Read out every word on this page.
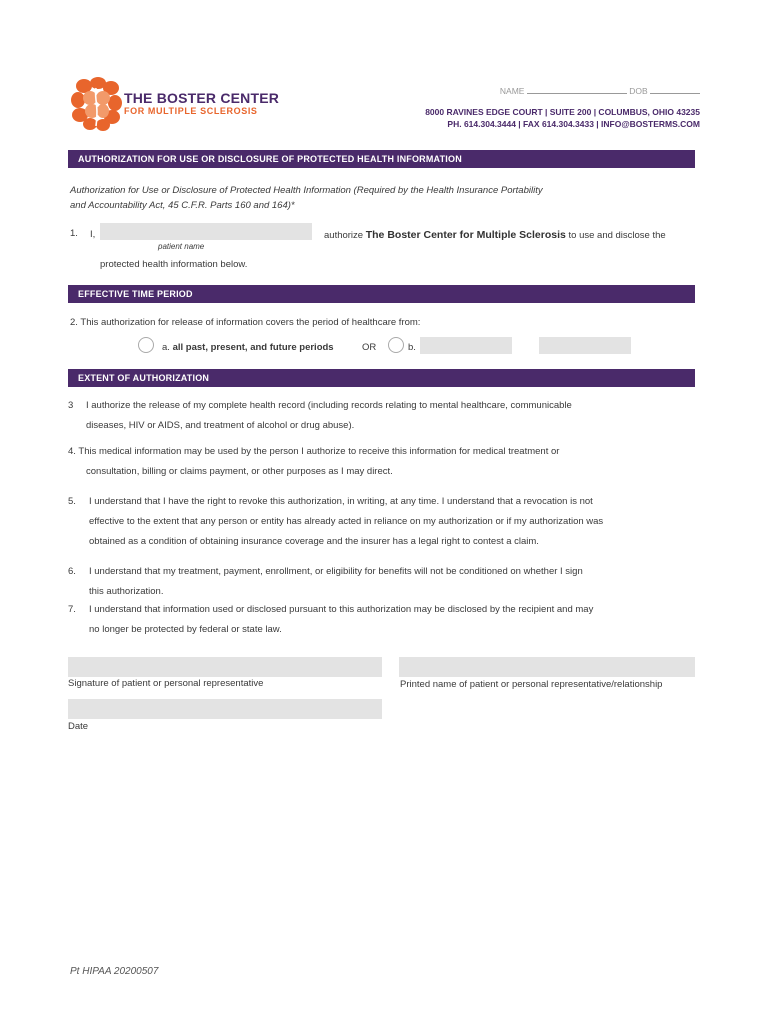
THE BOSTER CENTER
FOR MULTIPLE SCLEROSIS
NAME	DOB
8000 RAVINES EDGE COURT | SUITE 200 | COLUMBUS, OHIO 43235
PH. 614.304.3444 | FAX 614.304.3433 | INFO@BOSTERMS.COM
AUTHORIZATION FOR USE OR DISCLOSURE OF PROTECTED HEALTH INFORMATION
Authorization for Use or Disclosure of Protected Health Information (Required by the Health Insurance Portability and Accountability Act, 45 C.F.R. Parts 160 and 164)*
1. I,
patient name
authorize The Boster Center for Multiple Sclerosis to use and disclose the
protected health information below.
EFFECTIVE TIME PERIOD
2. This authorization for release of information covers the period of healthcare from:
a. all past, present, and future periods	OR	b.
EXTENT OF AUTHORIZATION
3 I authorize the release of my complete health record (including records relating to mental healthcare, communicable
diseases, HIV or AIDS, and treatment of alcohol or drug abuse).
4. This medical information may be used by the person I authorize to receive this information for medical treatment or
consultation, billing or claims payment, or other purposes as I may direct.
5. I understand that I have the right to revoke this authorization, in writing, at any time. I understand that a revocation is not
effective to the extent that any person or entity has already acted in reliance on my authorization or if my authorization was
obtained as a condition of obtaining insurance coverage and the insurer has a legal right to contest a claim.
6. I understand that my treatment, payment, enrollment, or eligibility for benefits will not be conditioned on whether I sign
this authorization.
7. I understand that information used or disclosed pursuant to this authorization may be disclosed by the recipient and may
no longer be protected by federal or state law.
Signature of patient or personal representative	Printed name of patient or personal representative/relationship
Date
Pt HIPAA 20200507
